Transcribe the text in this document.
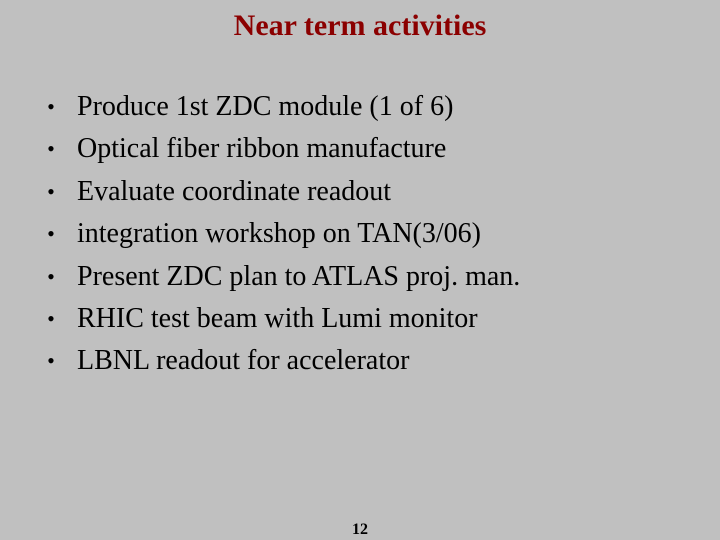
Near term activities
• Produce 1st ZDC module (1 of 6)
• Optical fiber ribbon manufacture
• Evaluate coordinate readout
• integration workshop on TAN(3/06)
• Present ZDC plan to ATLAS proj. man.
• RHIC test beam with Lumi monitor
• LBNL readout for accelerator
12
